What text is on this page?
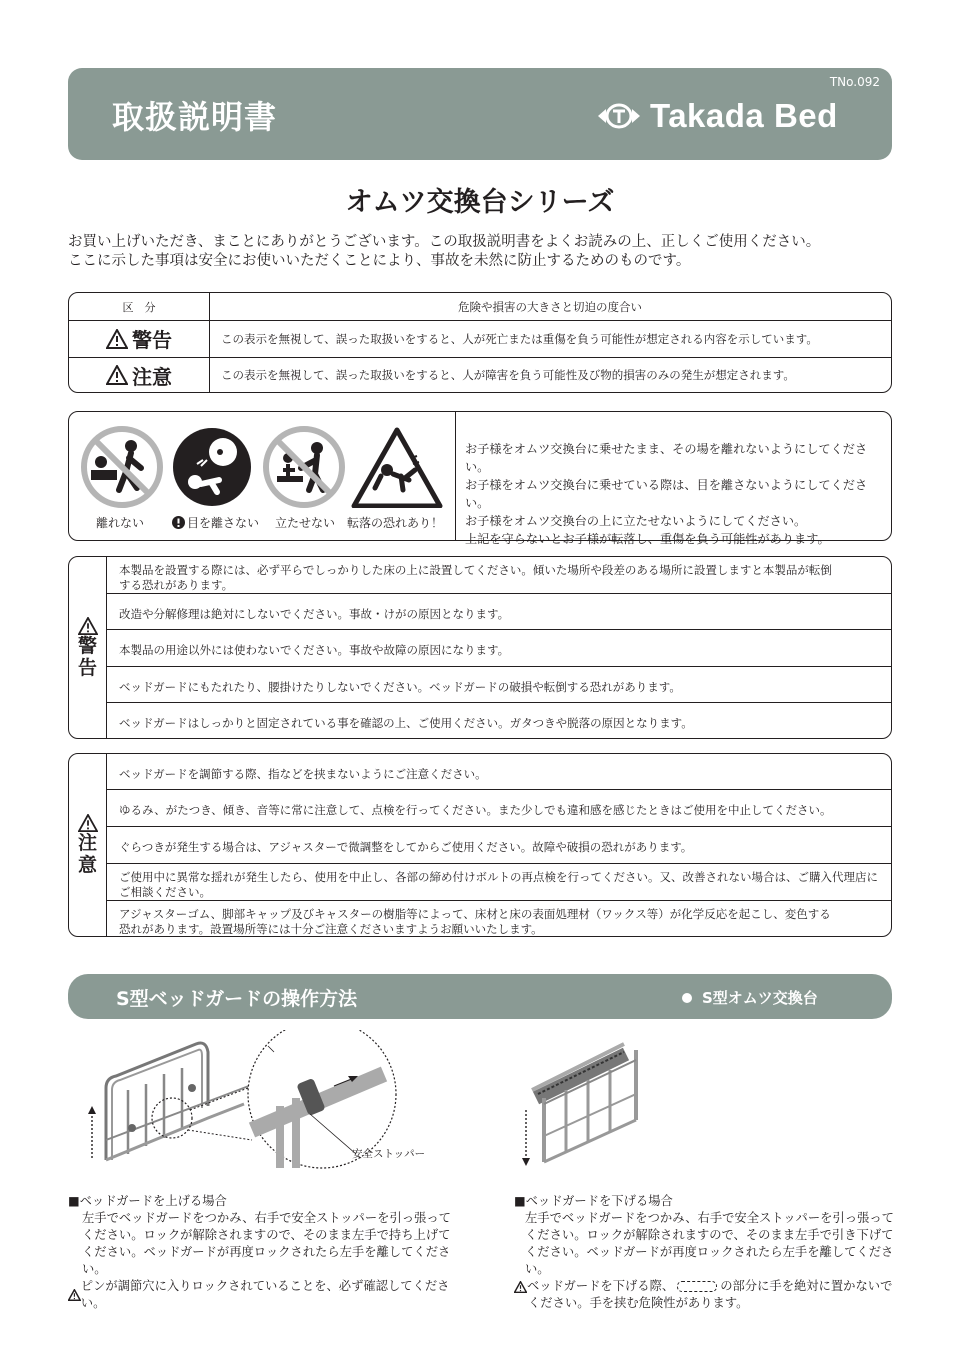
取扱説明書
TNo.092
Takada Bed
オムツ交換台シリーズ
お買い上げいただき、まことにありがとうございます。この取扱説明書をよくお読みの上、正しくご使用ください。
ここに示した事項は安全にお使いいただくことにより、事故を未然に防止するためのものです。
区　分	危険や損害の大きさと切迫の度合い
警告	この表示を無視して、誤った取扱いをすると、人が死亡または重傷を負う可能性が想定される内容を示しています。
注意	この表示を無視して、誤った取扱いをすると、人が障害を負う可能性及び物的損害のみの発生が想定されます。
離れない	目を離さない 立たせない 転落の恐れあり！
お子様をオムツ交換台に乗せたまま、その場を離れないようにしてください。
お子様をオムツ交換台に乗せている際は、目を離さないようにしてください。
お子様をオムツ交換台の上に立たせないようにしてください。
上記を守らないとお子様が転落し、重傷を負う可能性があります。
警
告
本製品を設置する際には、必ず平らでしっかりした床の上に設置してください。傾いた場所や段差のある場所に設置しますと本製品が転倒
する恐れがあります。
改造や分解修理は絶対にしないでください。事故・けがの原因となります。
本製品の用途以外には使わないでください。事故や故障の原因になります。
ベッドガードにもたれたり、腰掛けたりしないでください。ベッドガードの破損や転倒する恐れがあります。
ベッドガードはしっかりと固定されている事を確認の上、ご使用ください。ガタつきや脱落の原因となります。
注
意
ベッドガードを調節する際、指などを挟まないようにご注意ください。
ゆるみ、がたつき、傾き、音等に常に注意して、点検を行ってください。また少しでも違和感を感じたときはご使用を中止してください。
ぐらつきが発生する場合は、アジャスターで微調整をしてからご使用ください。故障や破損の恐れがあります。
ご使用中に異常な揺れが発生したら、使用を中止し、各部の締め付けボルトの再点検を行ってください。又、改善されない場合は、ご購入代理店に
ご相談ください。
アジャスターゴム、脚部キャップ及びキャスターの樹脂等によって、床材と床の表面処理材（ワックス等）が化学反応を起こし、変色する
恐れがあります。設置場所等には十分ご注意くださいますようお願いいたします。
S型ベッドガードの操作方法	S型オムツ交換台
安全ストッパー
■ベッドガードを上げる場合
左手でベッドガードをつかみ、右手で安全ストッパーを引っ張って
ください。ロックが解除されますので、そのまま左手で持ち上げて
ください。ベッドガードが再度ロックされたら左手を離してください。
ピンが調節穴に入りロックされていることを、必ず確認してください。
■ベッドガードを下げる場合
左手でベッドガードをつかみ、右手で安全ストッパーを引っ張って
ください。ロックが解除されますので、そのまま左手で引き下げて
ください。ベッドガードが再度ロックされたら左手を離してください。
ベッドガードを下げる際、	の部分に手を絶対に置かないで
ください。手を挟む危険性があります。
